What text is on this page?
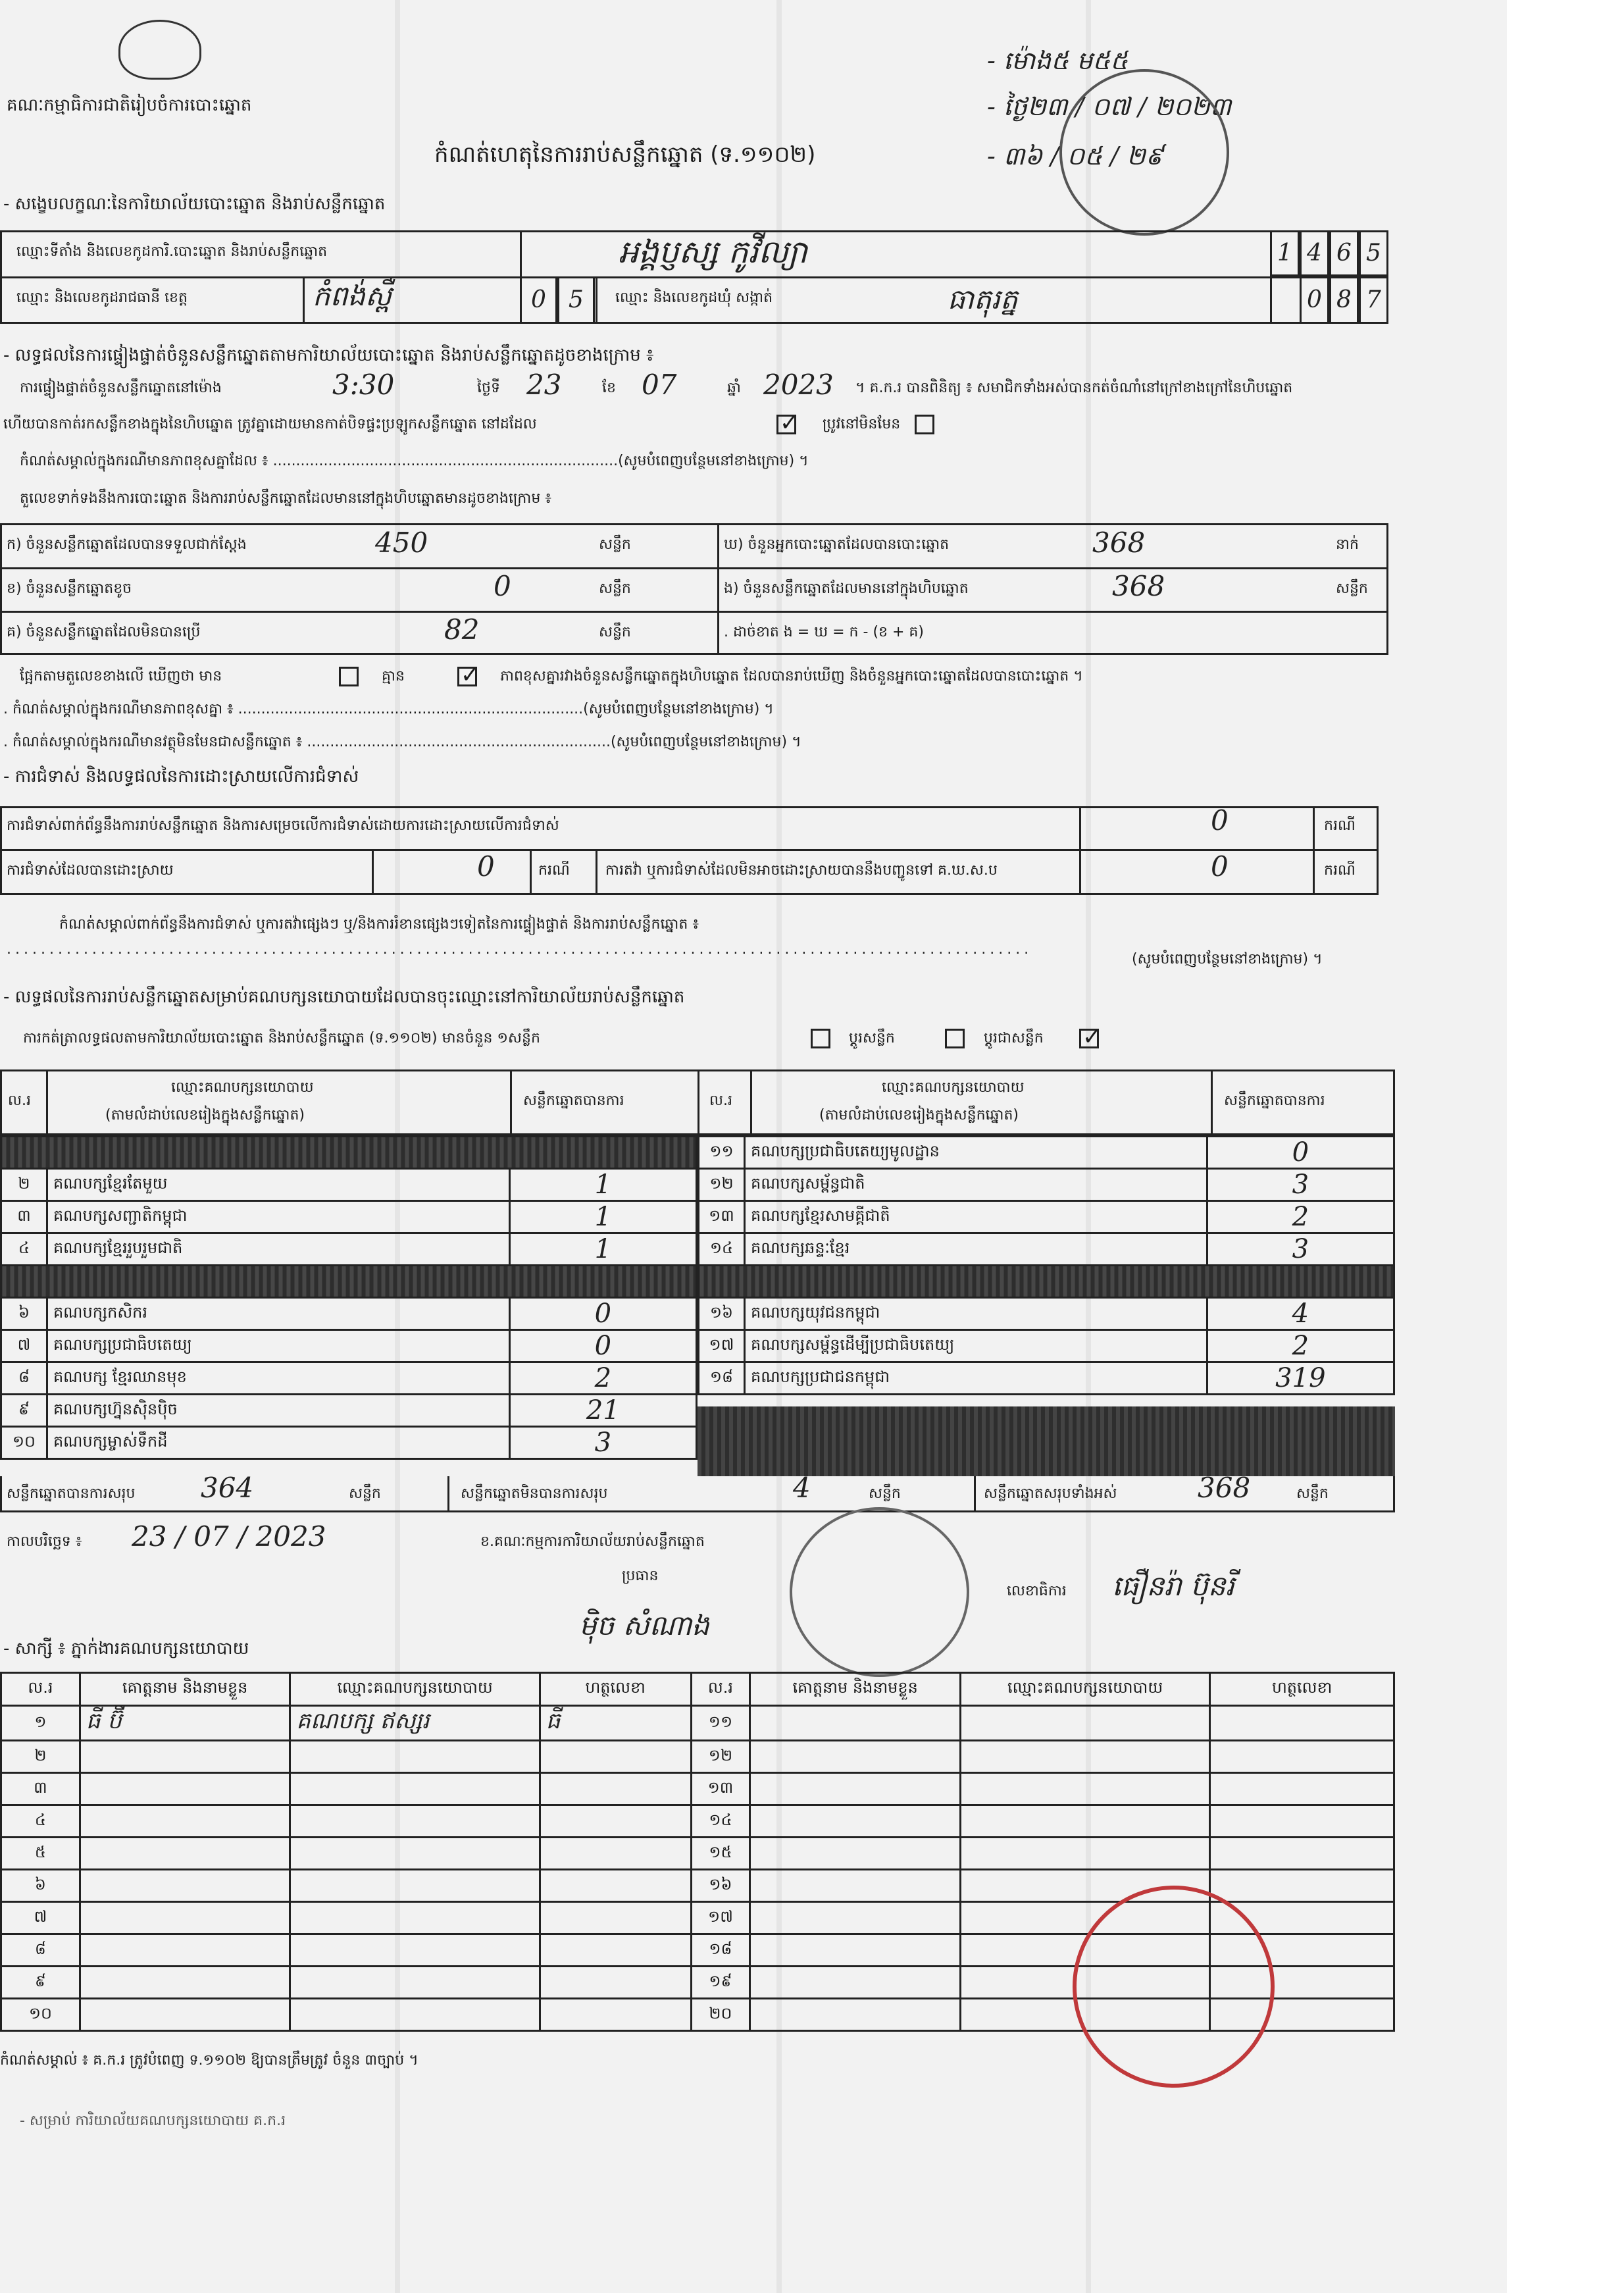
គណៈកម្មាធិការជាតិរៀបចំការបោះឆ្នោត
កំណត់ហេតុនៃការរាប់សន្លឹកឆ្នោត (ទ.១១០២)
- ម៉ោង៥ ម៥៥
- ថ្ងៃ២៣ / ០៧ / ២០២៣
- ៣៦ / ០៥ / ២៩
- សង្ខេបលក្ខណៈនៃការិយាល័យបោះឆ្នោត និងរាប់សន្លឹកឆ្នោត
ឈ្មោះទីតាំង និងលេខកូដការិ.បោះឆ្នោត និងរាប់សន្លឹកឆ្នោត	អង្គប្ញស្ស កូវីល្យា	1 4 6 5
ឈ្មោះ និងលេខកូដរាជធានី ខេត្ត	កំពង់ស្ពឺ	0 5	ឈ្មោះ និងលេខកូដឃុំ សង្កាត់	ធាតុរត្ន	0 8 7
- លទ្ធផលនៃការផ្ទៀងផ្ទាត់ចំនួនសន្លឹកឆ្នោតតាមការិយាល័យបោះឆ្នោត និងរាប់សន្លឹកឆ្នោតដូចខាងក្រោម ៖
ការផ្ទៀងផ្ទាត់ចំនួនសន្លឹកឆ្នោតនៅម៉ោង	3:30	ថ្ងៃទី 23	ខែ 07	ឆ្នាំ 2023 ។ គ.ក.រ បានពិនិត្យ ៖ សមាជិកទាំងអស់បានកត់ចំណាំនៅក្រៅខាងក្រៅនៃហិបឆ្នោត
ហើយបានកាត់រកសន្លឹកខាងក្នុងនៃហិបឆ្នោត ត្រូវគ្នាដោយមានកាត់បិទផ្ទះប្រឡូកសន្លឹកឆ្នោត នៅដដែល ✓	ប្រូវនៅមិនមែន
កំណត់សម្គាល់ក្នុងករណីមានភាពខុសគ្នាដែល ៖ ...........................................................................(សូមបំពេញបន្ថែមនៅខាងក្រោម) ។
តួលេខទាក់ទងនឹងការបោះឆ្នោត និងការរាប់សន្លឹកឆ្នោតដែលមាននៅក្នុងហិបឆ្នោតមានដូចខាងក្រោម ៖
ក) ចំនួនសន្លឹកឆ្នោតដែលបានទទួលជាក់ស្តែង	450	សន្លឹក
ខ) ចំនួនសន្លឹកឆ្នោតខូច	0	សន្លឹក
គ) ចំនួនសន្លឹកឆ្នោតដែលមិនបានប្រើ	82	សន្លឹក
ឃ) ចំនួនអ្នកបោះឆ្នោតដែលបានបោះឆ្នោត	368	នាក់
ង) ចំនួនសន្លឹកឆ្នោតដែលមាននៅក្នុងហិបឆ្នោត	368	សន្លឹក
. ដាច់ខាត ង = ឃ = ក - (ខ + គ)
ផ្អែកតាមតួលេខខាងលើ ឃើញថា មាន	គ្មាន ✓	ភាពខុសគ្នារវាងចំនួនសន្លឹកឆ្នោតក្នុងហិបឆ្នោត ដែលបានរាប់ឃើញ និងចំនួនអ្នកបោះឆ្នោតដែលបានបោះឆ្នោត ។
. កំណត់សម្គាល់ក្នុងករណីមានភាពខុសគ្នា ៖ ...........................................................................(សូមបំពេញបន្ថែមនៅខាងក្រោម) ។
. កំណត់សម្គាល់ក្នុងករណីមានវត្ថុមិនមែនជាសន្លឹកឆ្នោត ៖ ..................................................................(សូមបំពេញបន្ថែមនៅខាងក្រោម) ។
- ការជំទាស់ និងលទ្ធផលនៃការដោះស្រាយលើការជំទាស់
ការជំទាស់ពាក់ព័ន្ធនឹងការរាប់សន្លឹកឆ្នោត និងការសម្រេចលើការជំទាស់ដោយការដោះស្រាយលើការជំទាស់	0	ករណី
ការជំទាស់ដែលបានដោះស្រាយ	0	ករណី ការតវ៉ា ឬការជំទាស់ដែលមិនអាចដោះស្រាយបាននឹងបញ្ជូនទៅ គ.ឃ.ស.ប	0	ករណី
កំណត់សម្គាល់ពាក់ព័ន្ធនឹងការជំទាស់ ឬការតវ៉ាផ្សេងៗ ឬ/និងការរំខានផ្សេងៗទៀតនៃការផ្ទៀងផ្ទាត់ និងការរាប់សន្លឹកឆ្នោត ៖
........................................................................................................................
(សូមបំពេញបន្ថែមនៅខាងក្រោម) ។
- លទ្ធផលនៃការរាប់សន្លឹកឆ្នោតសម្រាប់គណបក្សនយោបាយដែលបានចុះឈ្មោះនៅការិយាល័យរាប់សន្លឹកឆ្នោត
ការកត់ត្រាលទ្ធផលតាមការិយាល័យបោះឆ្នោត និងរាប់សន្លឹកឆ្នោត (ទ.១១០២) មានចំនួន ១សន្លឹក	ប្តូរសន្លឹក	ប្តូរជាសន្លឹក
✓
ល.រ
ឈ្មោះគណបក្សនយោបាយ
(តាមលំដាប់លេខរៀងក្នុងសន្លឹកឆ្នោត)
សន្លឹកឆ្នោតបានការ	ល.រ
ឈ្មោះគណបក្សនយោបាយ
(តាមលំដាប់លេខរៀងក្នុងសន្លឹកឆ្នោត)
សន្លឹកឆ្នោតបានការ

២	គណបក្សខ្មែរតែមួយ	1
៣	គណបក្សសញ្ជាតិកម្ពុជា	1
៤	គណបក្សខ្មែររួបរួមជាតិ	1

៦	គណបក្សកសិករ	0
៧	គណបក្សប្រជាធិបតេយ្យ	0
៨	គណបក្ស ខ្មែរឈានមុខ	2
៩	គណបក្សហ្វ៊ុនស៊ិនប៉ិច	21
១០	គណបក្សម្ចាស់ទឹកដី	3
១១	គណបក្សប្រជាធិបតេយ្យមូលដ្ឋាន	0
១២	គណបក្សសម្ព័ន្ធជាតិ	3
១៣	គណបក្សខ្មែរសាមគ្គីជាតិ	2
១៤	គណបក្សឆន្ទៈខ្មែរ	3

១៦	គណបក្សយុវជនកម្ពុជា	4
១៧	គណបក្សសម្ព័ន្ធដើម្បីប្រជាធិបតេយ្យ	2
១៨	គណបក្សប្រជាជនកម្ពុជា	319
សន្លឹកឆ្នោតបានការសរុប 364	សន្លឹក	សន្លឹកឆ្នោតមិនបានការសរុប	4	សន្លឹក	សន្លឹកឆ្នោតសរុបទាំងអស់	368	សន្លឹក
កាលបរិច្ឆេទ ៖ 23 / 07 / 2023	ខ.គណៈកម្មការការិយាល័យរាប់សន្លឹកឆ្នោត
ប្រធាន
ម៉ិច សំណាង
លេខាធិការ ធឿនរ៉ា ប៊ុនរី
- សាក្សី ៖ ភ្នាក់ងារគណបក្សនយោបាយ
ល.រ	គោត្តនាម និងនាមខ្លួន	ឈ្មោះគណបក្សនយោបាយ	ហត្ថលេខា	ល.រ	គោត្តនាម និងនាមខ្លួន	ឈ្មោះគណបក្សនយោបាយ	ហត្ថលេខា
១	ធី ប៊ី	គណបក្ស ឥស្សរ	ធី	១១			
២				១២			
៣				១៣			
៤				១៤			
៥				១៥			
៦				១៦			
៧				១៧			
៨				១៨			
៩				១៩			
១០				២០			
កំណត់សម្គាល់ ៖ គ.ក.រ ត្រូវបំពេញ ទ.១១០២ ឱ្យបានត្រឹមត្រូវ ចំនួន ៣ច្បាប់ ។
- សម្រាប់ ការិយាល័យគណបក្សនយោបាយ គ.ក.រ
